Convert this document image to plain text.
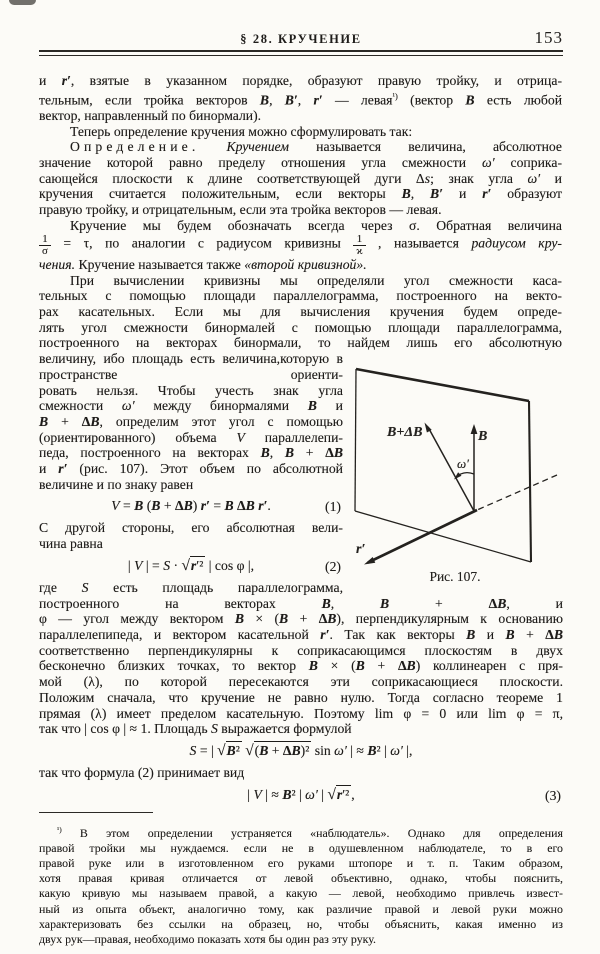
§ 28. КРУЧЕНИЕ	153
B
B+ΔB
ω′
r′
Рис. 107.
и r′, взятые в указанном порядке, образуют правую тройку, и отрица-
тельным, если тройка векторов B, B′, r′ — левая$^{^1)}$ (вектор B есть любой
вектор, направленный по бинормали).
Теперь определение кручения можно сформулировать так:
Определение. Кручением называется величина, абсолютное
значение которой равно пределу отношения угла смежности ω′ соприка-
сающейся плоскости к длине соответствующей дуги Δs; знак угла ω′ и
кручения считается положительным, если векторы B, B′ и r′ образуют
правую тройку, и отрицательным, если эта тройка векторов — левая.
Кручение мы будем обозначать всегда через σ. Обратная величина
$\frac{1}{\sigma} = \tau$, по аналогии с радиусом кривизны $\frac{1}{ϰ}$ , называется радиусом кру-
чения. Кручение называется также «второй кривизной».
При вычислении кривизны мы определяли угол смежности каса-
тельных с помощью площади параллелограмма, построенного на векто-
рах касательных. Если мы для вычисления кручения будем опреде-
лять угол смежности бинормалей с помощью площади параллелограмма,
построенного на векторах бинормали, то найдем лишь его абсолютную
величину, ибо площадь есть величина,которую в пространстве ориенти-
ровать нельзя. Чтобы учесть знак угла
смежности ω′ между бинормалями B и
B + ΔB, определим этот угол с помощью
(ориентированного) объема V параллелепи-
педа, построенного на векторах B, B + ΔB
и r′ (рис. 107). Этот объем по абсолютной
величине и по знаку равен
V = B (B + ΔB) r′ = B ΔB r′.	(1)
С другой стороны, его абсолютная вели-
чина равна
| V | = S · √r′² | cos φ |,	(2)
где S есть площадь параллелограмма,
построенного на векторах B, B + ΔB, и
φ — угол между вектором B × (B + ΔB), перпендикулярным к основанию
параллелепипеда, и вектором касательной r′. Так как векторы B и B + ΔB
соответственно перпендикулярны к соприкасающимся плоскостям в двух
бесконечно близких точках, то вектор B × (B + ΔB) коллинеарен с пря-
мой (λ), по которой пересекаются эти соприкасающиеся плоскости.
Положим сначала, что кручение не равно нулю. Тогда согласно теореме 1
прямая (λ) имеет пределом касательную. Поэтому lim φ = 0 или lim φ = π,
так что | cos φ | ≈ 1. Площадь S выражается формулой
S = | √B² √(B + ΔB)² sin ω′ | ≈ B² | ω′ |,
так что формула (2) принимает вид
| V | ≈ B² | ω′ | √r′² ,	(3)
$^{^1)}$ В этом определении устраняется «наблюдатель». Однако для определения
правой тройки мы нуждаемся. если не в одушевленном наблюдателе, то в его
правой руке или в изготовленном его руками штопоре и т. п. Таким образом,
хотя правая кривая отличается от левой объективно, однако, чтобы пояснить,
какую кривую мы называем правой, а какую — левой, необходимо привлечь извест-
ный из опыта объект, аналогично тому, как различие правой и левой руки можно
характеризовать без ссылки на образец, но, чтобы объяснить, какая именно из
двух рук—правая, необходимо показать хотя бы один раз эту руку.
